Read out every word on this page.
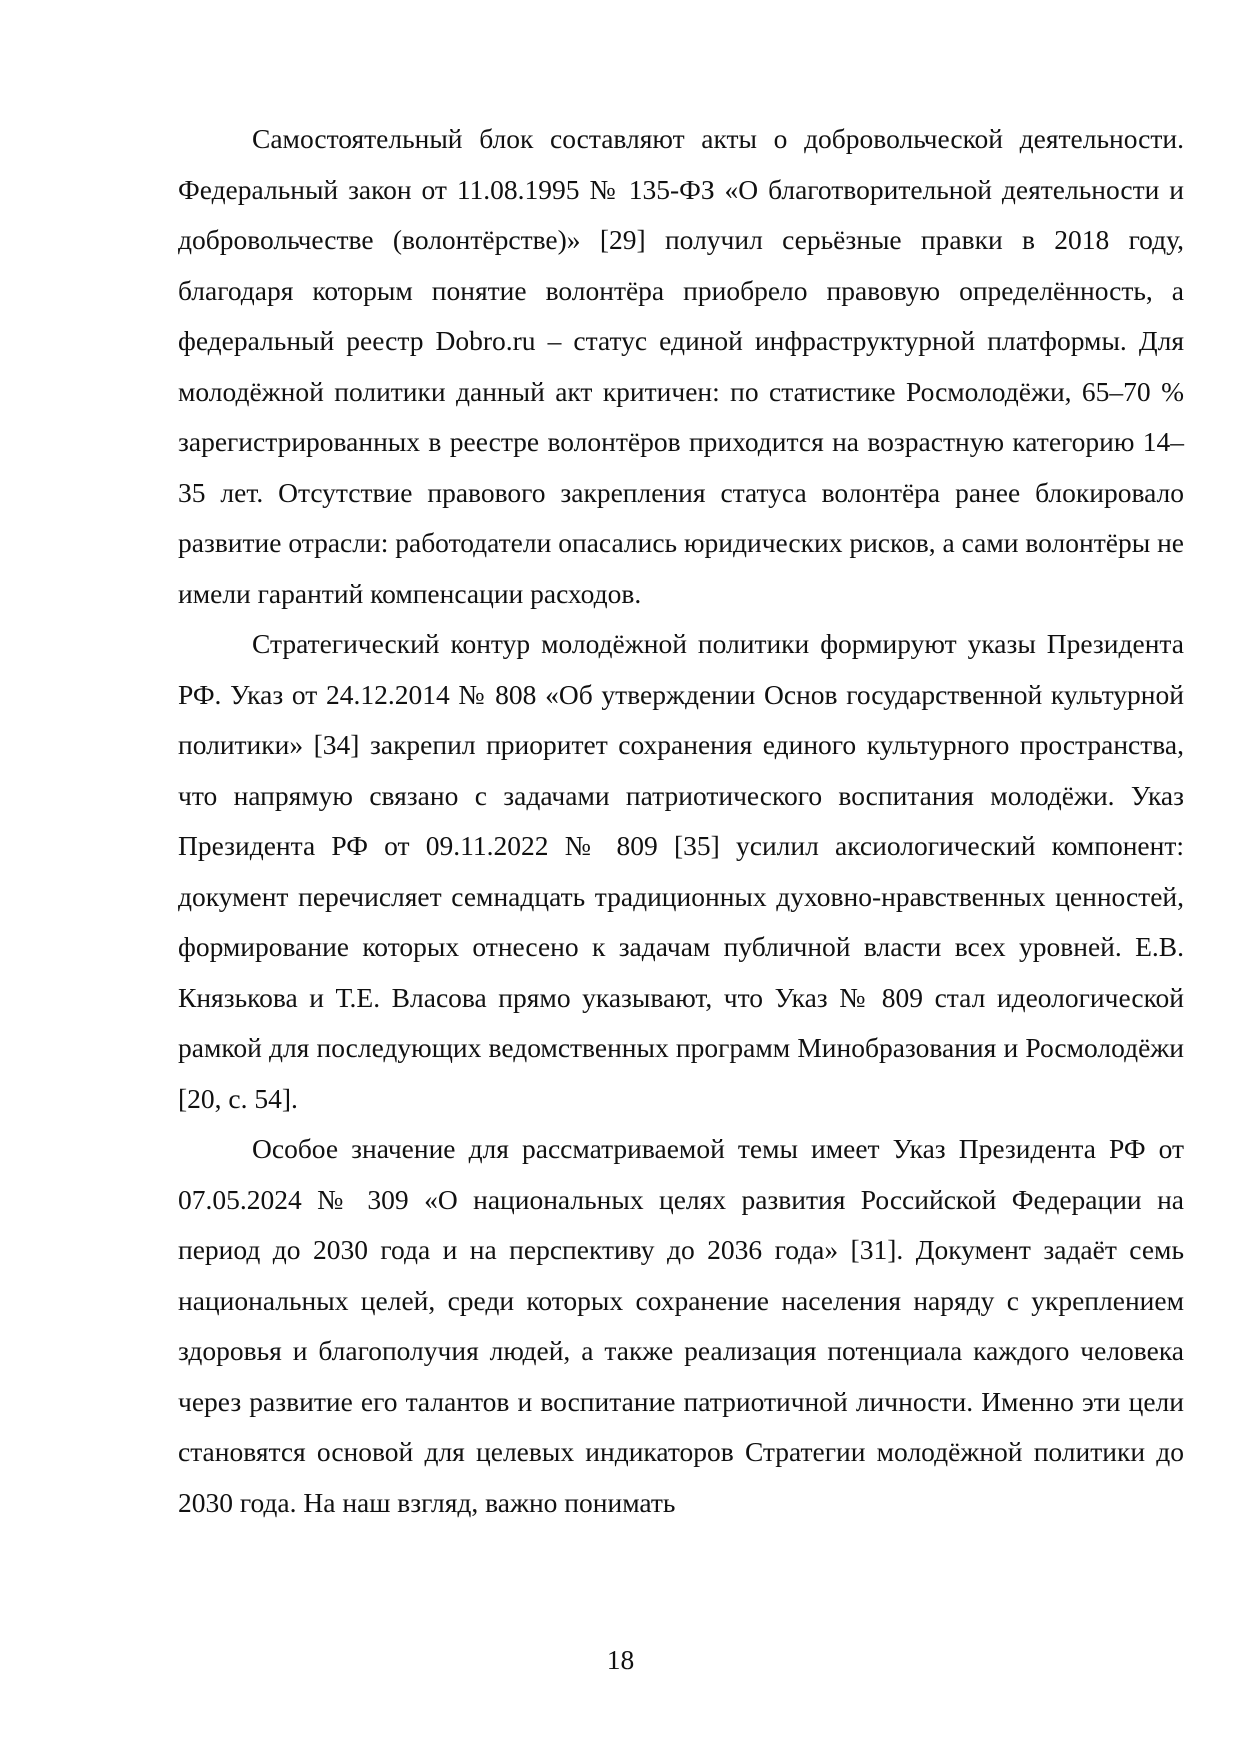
Самостоятельный блок составляют акты о добровольческой деятельности. Федеральный закон от 11.08.1995 № 135-ФЗ «О благотворительной деятельности и добровольчестве (волонтёрстве)» [29] получил серьёзные правки в 2018 году, благодаря которым понятие волонтёра приобрело правовую определённость, а федеральный реестр Dobro.ru – статус единой инфраструктурной платформы. Для молодёжной политики данный акт критичен: по статистике Росмолодёжи, 65–70 % зарегистрированных в реестре волонтёров приходится на возрастную категорию 14–35 лет. Отсутствие правового закрепления статуса волонтёра ранее блокировало развитие отрасли: работодатели опасались юридических рисков, а сами волонтёры не имели гарантий компенсации расходов.

Стратегический контур молодёжной политики формируют указы Президента РФ. Указ от 24.12.2014 № 808 «Об утверждении Основ государственной культурной политики» [34] закрепил приоритет сохранения единого культурного пространства, что напрямую связано с задачами патриотического воспитания молодёжи. Указ Президента РФ от 09.11.2022 № 809 [35] усилил аксиологический компонент: документ перечисляет семнадцать традиционных духовно-нравственных ценностей, формирование которых отнесено к задачам публичной власти всех уровней. Е.В. Князькова и Т.Е. Власова прямо указывают, что Указ № 809 стал идеологической рамкой для последующих ведомственных программ Минобразования и Росмолодёжи [20, с. 54].

Особое значение для рассматриваемой темы имеет Указ Президента РФ от 07.05.2024 № 309 «О национальных целях развития Российской Федерации на период до 2030 года и на перспективу до 2036 года» [31]. Документ задаёт семь национальных целей, среди которых сохранение населения наряду с укреплением здоровья и благополучия людей, а также реализация потенциала каждого человека через развитие его талантов и воспитание патриотичной личности. Именно эти цели становятся основой для целевых индикаторов Стратегии молодёжной политики до 2030 года. На наш взгляд, важно понимать

18
